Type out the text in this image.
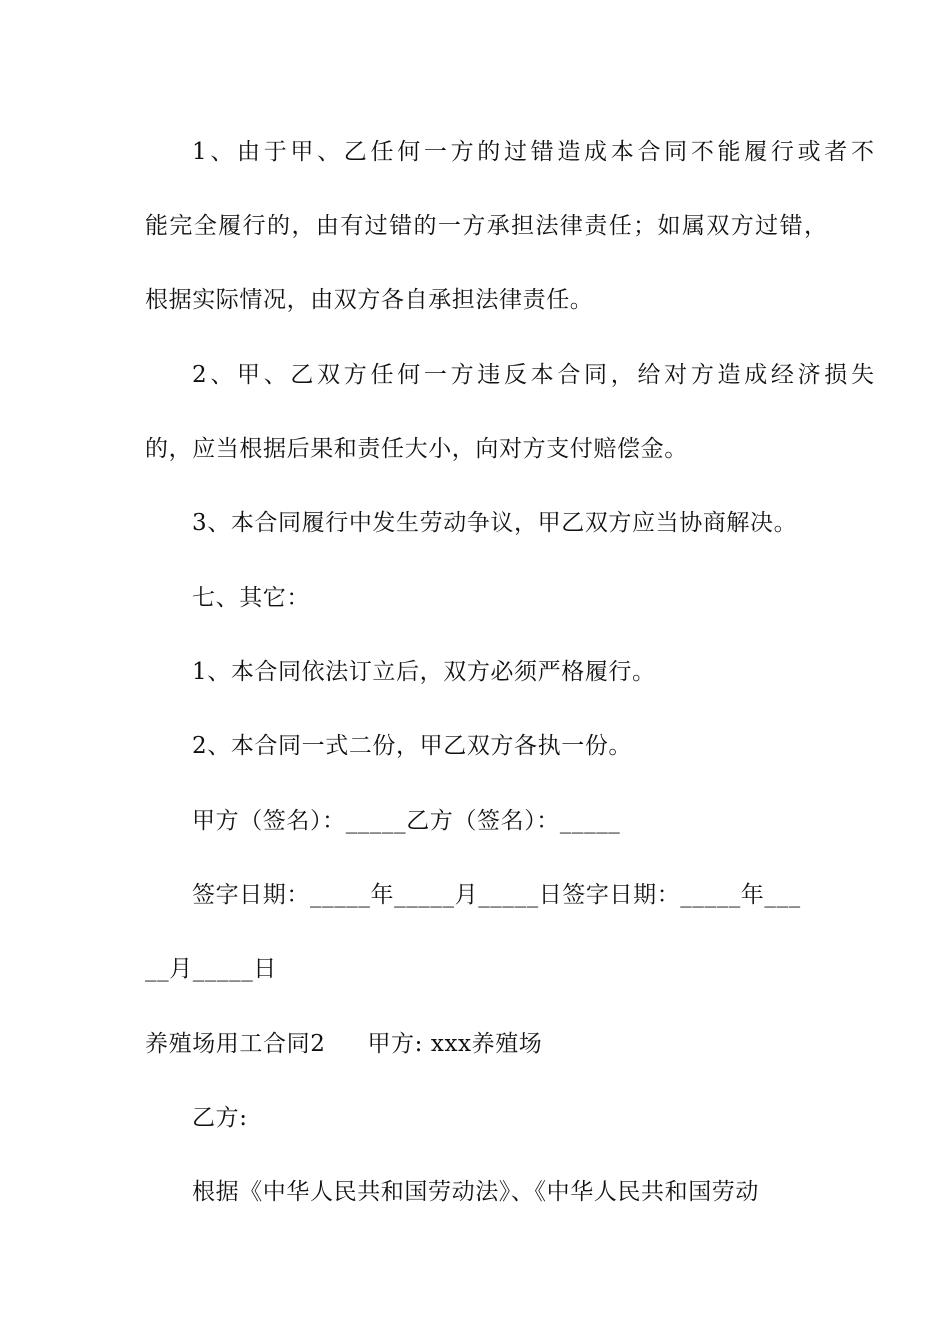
1、由于甲、乙任何一方的过错造成本合同不能履行或者不
能完全履行的，由有过错的一方承担法律责任；如属双方过错，
根据实际情况，由双方各自承担法律责任。
2、甲、乙双方任何一方违反本合同，给对方造成经济损失
的，应当根据后果和责任大小，向对方支付赔偿金。
3、本合同履行中发生劳动争议，甲乙双方应当协商解决。
七、其它：
1、本合同依法订立后，双方必须严格履行。
2、本合同一式二份，甲乙双方各执一份。
甲方（签名）：_____乙方（签名）：_____
签字日期：_____年_____月_____日签字日期：_____年___
__月_____日
养殖场用工合同2 甲方: xxx养殖场
乙方:
根据《中华人民共和国劳动法》、《中华人民共和国劳动
